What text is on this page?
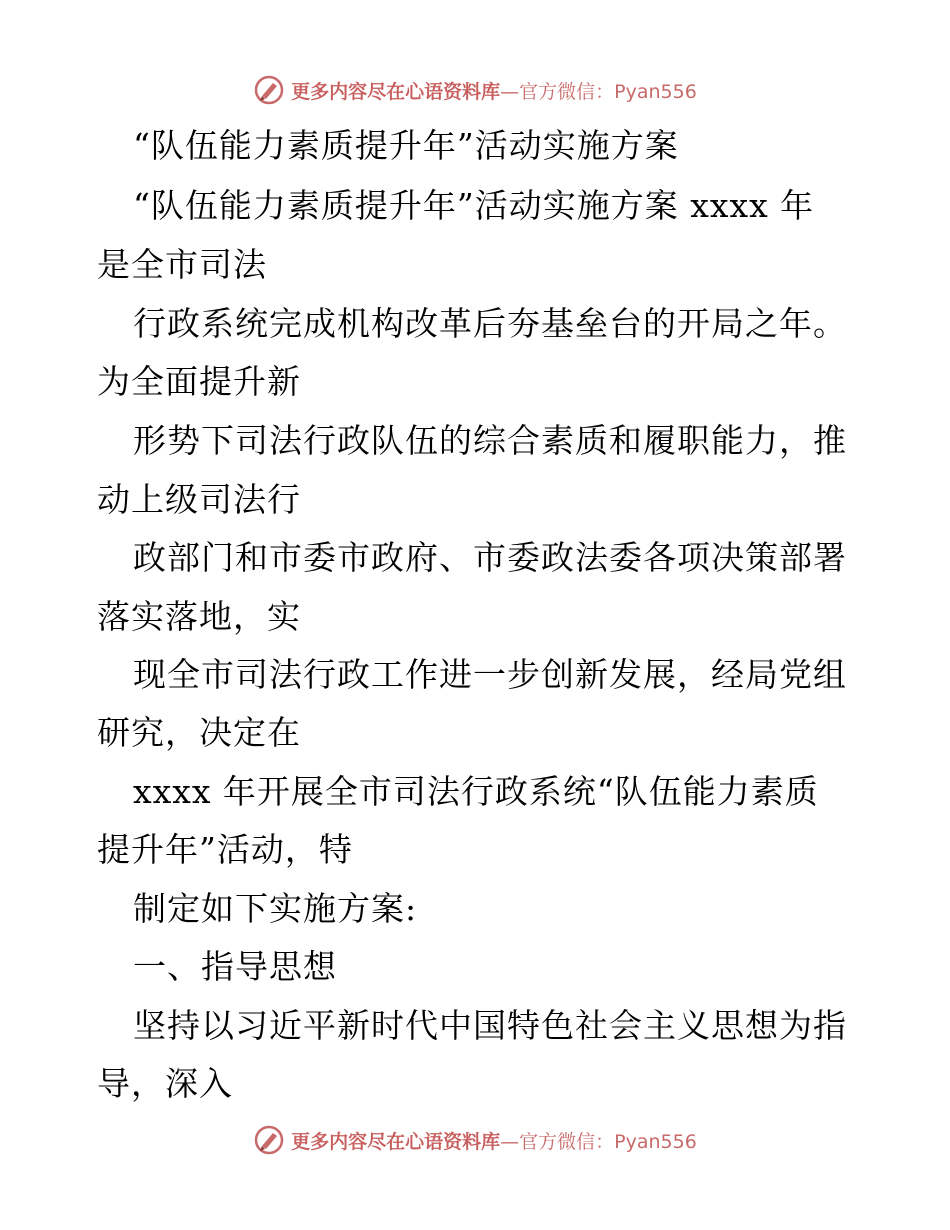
更多内容尽在心语资料库—官方微信：Pyan556
“队伍能力素质提升年”活动实施方案
“队伍能力素质提升年”活动实施方案 xxxx 年
是全市司法
行政系统完成机构改革后夯基垒台的开局之年。
为全面提升新
形势下司法行政队伍的综合素质和履职能力，推
动上级司法行
政部门和市委市政府、市委政法委各项决策部署
落实落地，实
现全市司法行政工作进一步创新发展，经局党组
研究，决定在
xxxx 年开展全市司法行政系统“队伍能力素质
提升年”活动，特
制定如下实施方案:
一、指导思想
坚持以习近平新时代中国特色社会主义思想为指
导，深入
更多内容尽在心语资料库—官方微信：Pyan556
